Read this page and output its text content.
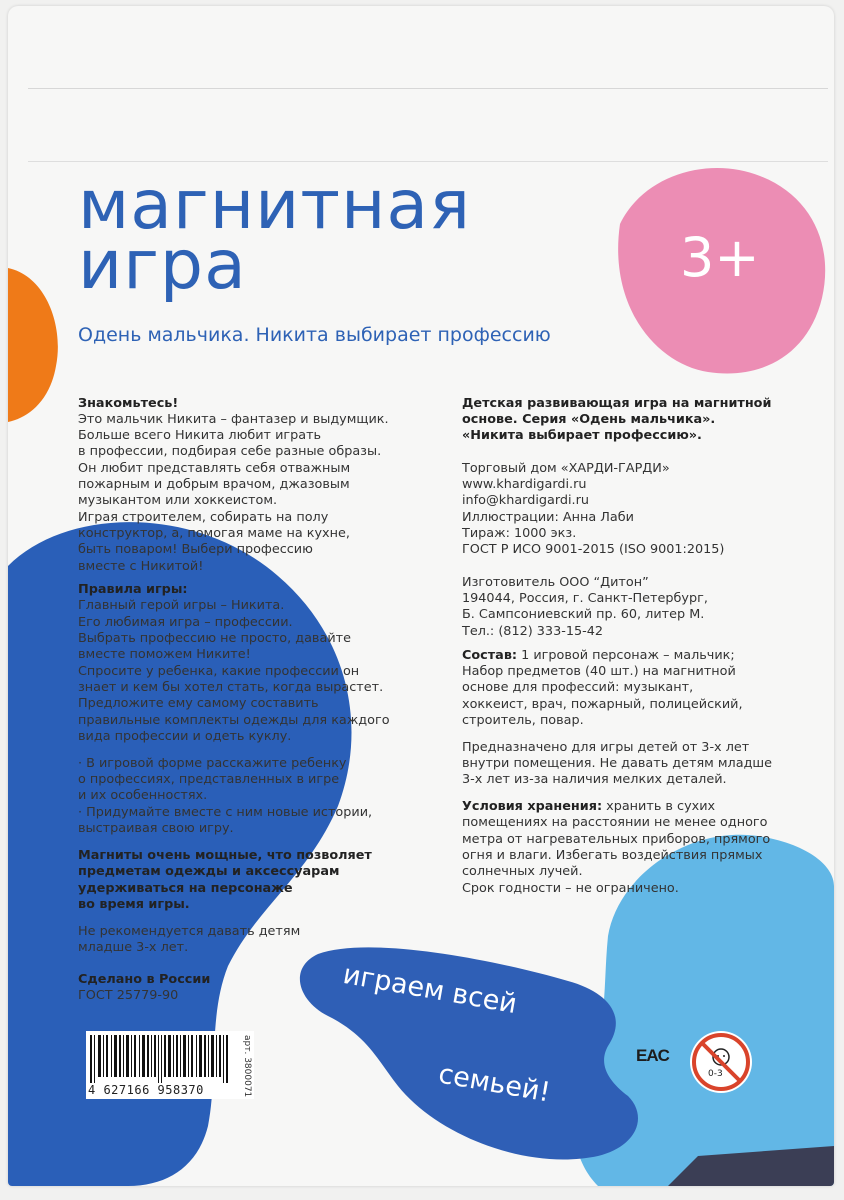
магнитная
игра
Одень мальчика. Никита выбирает профессию
3+
Знакомьтесь!
Это мальчик Никита – фантазер и выдумщик.
Больше всего Никита любит играть
в профессии, подбирая себе разные образы.
Он любит представлять себя отважным
пожарным и добрым врачом, джазовым
музыкантом или хоккеистом.
Играя строителем, собирать на полу
конструктор, а, помогая маме на кухне,
быть поваром! Выбери профессию
вместе с Никитой!
Правила игры:
Главный герой игры – Никита.
Его любимая игра – профессии.
Выбрать профессию не просто, давайте
вместе поможем Никите!
Спросите у ребенка, какие профессии он
знает и кем бы хотел стать, когда вырастет.
Предложите ему самому составить
правильные комплекты одежды для каждого
вида профессии и одеть куклу.
· В игровой форме расскажите ребенку
о профессиях, представленных в игре
и их особенностях.
· Придумайте вместе с ним новые истории,
выстраивая свою игру.
Магниты очень мощные, что позволяет
предметам одежды и аксессуарам
удерживаться на персонаже
во время игры.
Не рекомендуется давать детям
младше 3-х лет.
Сделано в России
ГОСТ 25779-90
4 627166 958370	арт. 3800071
Детская развивающая игра на магнитной
основе. Серия «Одень мальчика».
«Никита выбирает профессию».
Торговый дом «ХАРДИ-ГАРДИ»
www.khardigardi.ru
info@khardigardi.ru
Иллюстрации: Анна Лаби
Тираж: 1000 экз.
ГОСТ Р ИСО 9001-2015 (ISO 9001:2015)
Изготовитель ООО “Дитон”
194044, Россия, г. Санкт-Петербург,
Б. Сампсониевский пр. 60, литер М.
Тел.: (812) 333-15-42
Состав: 1 игровой персонаж – мальчик;
Набор предметов (40 шт.) на магнитной
основе для профессий: музыкант,
хоккеист, врач, пожарный, полицейский,
строитель, повар.
Предназначено для игры детей от 3-х лет
внутри помещения. Не давать детям младше
3-х лет из-за наличия мелких деталей.
Условия хранения: хранить в сухих
помещениях на расстоянии не менее одного
метра от нагревательных приборов, прямого
огня и влаги. Избегать воздействия прямых
солнечных лучей.
Срок годности – не ограничено.
играем всей
семьей!
EAC
0-3
